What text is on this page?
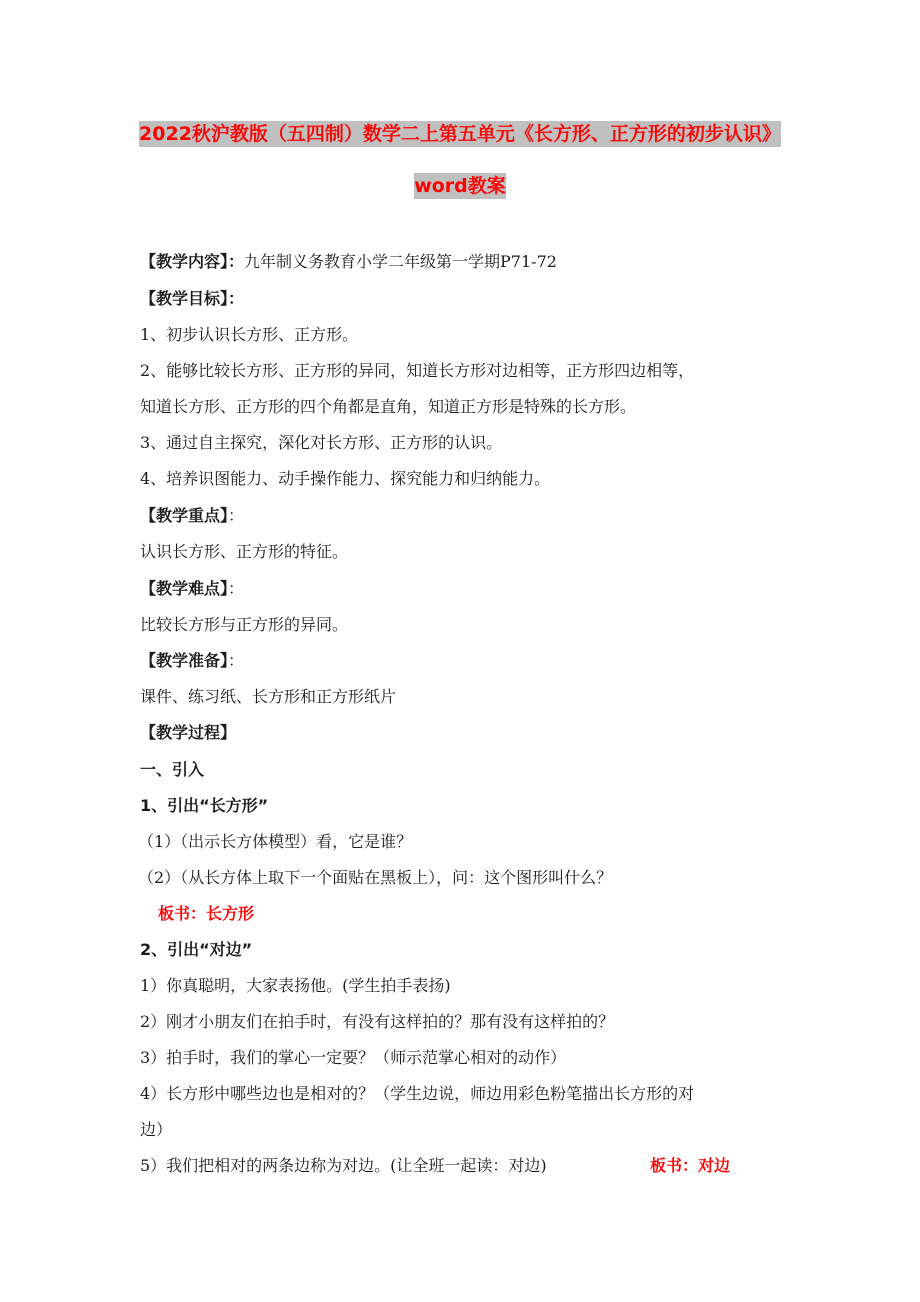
2022秋沪教版（五四制）数学二上第五单元《长方形、正方形的初步认识》
word教案
【教学内容】：九年制义务教育小学二年级第一学期P71-72
【教学目标】：
1、初步认识长方形、正方形。
2、能够比较长方形、正方形的异同，知道长方形对边相等，正方形四边相等，
知道长方形、正方形的四个角都是直角，知道正方形是特殊的长方形。
3、通过自主探究，深化对长方形、正方形的认识。
4、培养识图能力、动手操作能力、探究能力和归纳能力。
【教学重点】：
认识长方形、正方形的特征。
【教学难点】：
比较长方形与正方形的异同。
【教学准备】：
课件、练习纸、长方形和正方形纸片
【教学过程】
一、引入
1、引出“长方形”
（1）（出示长方体模型）看，它是谁？
（2）（从长方体上取下一个面贴在黑板上），问：这个图形叫什么？
板书：长方形
2、引出“对边”
1）你真聪明，大家表扬他。(学生拍手表扬)
2）刚才小朋友们在拍手时，有没有这样拍的？那有没有这样拍的？
3）拍手时，我们的掌心一定要？（师示范掌心相对的动作）
4）长方形中哪些边也是相对的？（学生边说，师边用彩色粉笔描出长方形的对
边）
5）我们把相对的两条边称为对边。(让全班一起读：对边)	板书：对边
